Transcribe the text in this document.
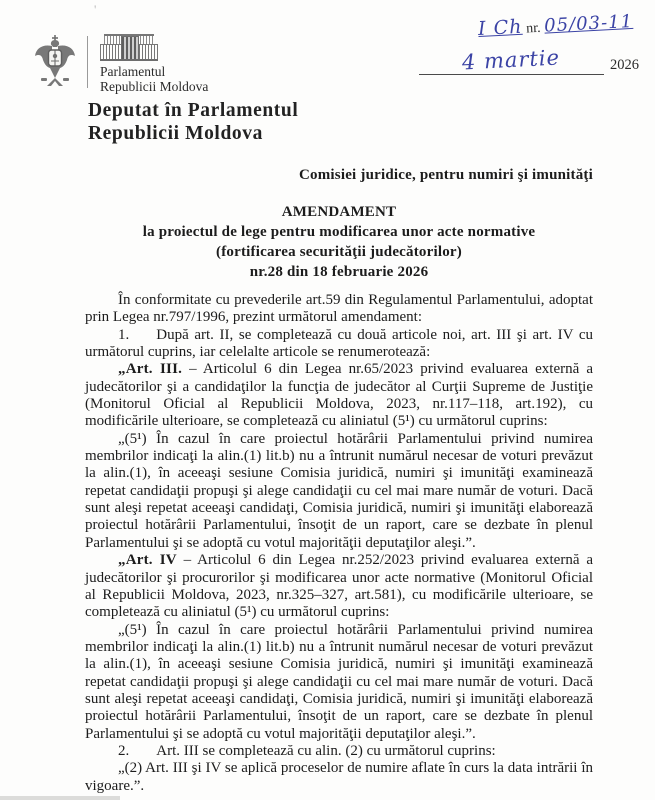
'
Parlamentul
Republicii Moldova
I Ch nr. 05/03-11
4 martie	2026
Deputat în Parlamentul
Republicii Moldova
Comisiei juridice, pentru numiri şi imunităţi
AMENDAMENT
la proiectul de lege pentru modificarea unor acte normative
(fortificarea securităţii judecătorilor)
nr.28 din 18 februarie 2026

În conformitate cu prevederile art.59 din Regulamentul Parlamentului, adoptat prin Legea nr.797/1996, prezint următorul amendament:

1. După art. II, se completează cu două articole noi, art. III şi art. IV cu următorul cuprins, iar celelalte articole se renumerotează:

„Art. III. – Articolul 6 din Legea nr.65/2023 privind evaluarea externă a judecătorilor şi a candidaţilor la funcţia de judecător al Curţii Supreme de Justiţie (Monitorul Oficial al Republicii Moldova, 2023, nr.117–118, art.192), cu modificările ulterioare, se completează cu aliniatul (5¹) cu următorul cuprins:

„(5¹) În cazul în care proiectul hotărârii Parlamentului privind numirea membrilor indicaţi la alin.(1) lit.b) nu a întrunit numărul necesar de voturi prevăzut la alin.(1), în aceeaşi sesiune Comisia juridică, numiri şi imunităţi examinează repetat candidaţii propuşi şi alege candidaţii cu cel mai mare număr de voturi. Dacă sunt aleşi repetat aceeaşi candidaţi, Comisia juridică, numiri şi imunităţi elaborează proiectul hotărârii Parlamentului, însoţit de un raport, care se dezbate în plenul Parlamentului şi se adoptă cu votul majorităţii deputaţilor aleşi.”.

„Art. IV – Articolul 6 din Legea nr.252/2023 privind evaluarea externă a judecătorilor şi procurorilor şi modificarea unor acte normative (Monitorul Oficial al Republicii Moldova, 2023, nr.325–327, art.581), cu modificările ulterioare, se completează cu aliniatul (5¹) cu următorul cuprins:

„(5¹) În cazul în care proiectul hotărârii Parlamentului privind numirea membrilor indicaţi la alin.(1) lit.b) nu a întrunit numărul necesar de voturi prevăzut la alin.(1), în aceeaşi sesiune Comisia juridică, numiri şi imunităţi examinează repetat candidaţii propuşi şi alege candidaţii cu cel mai mare număr de voturi. Dacă sunt aleşi repetat aceeaşi candidaţi, Comisia juridică, numiri şi imunităţi elaborează proiectul hotărârii Parlamentului, însoţit de un raport, care se dezbate în plenul Parlamentului şi se adoptă cu votul majorităţii deputaţilor aleşi.”.

2. Art. III se completează cu alin. (2) cu următorul cuprins:

„(2) Art. III şi IV se aplică proceselor de numire aflate în curs la data intrării în vigoare.”.
